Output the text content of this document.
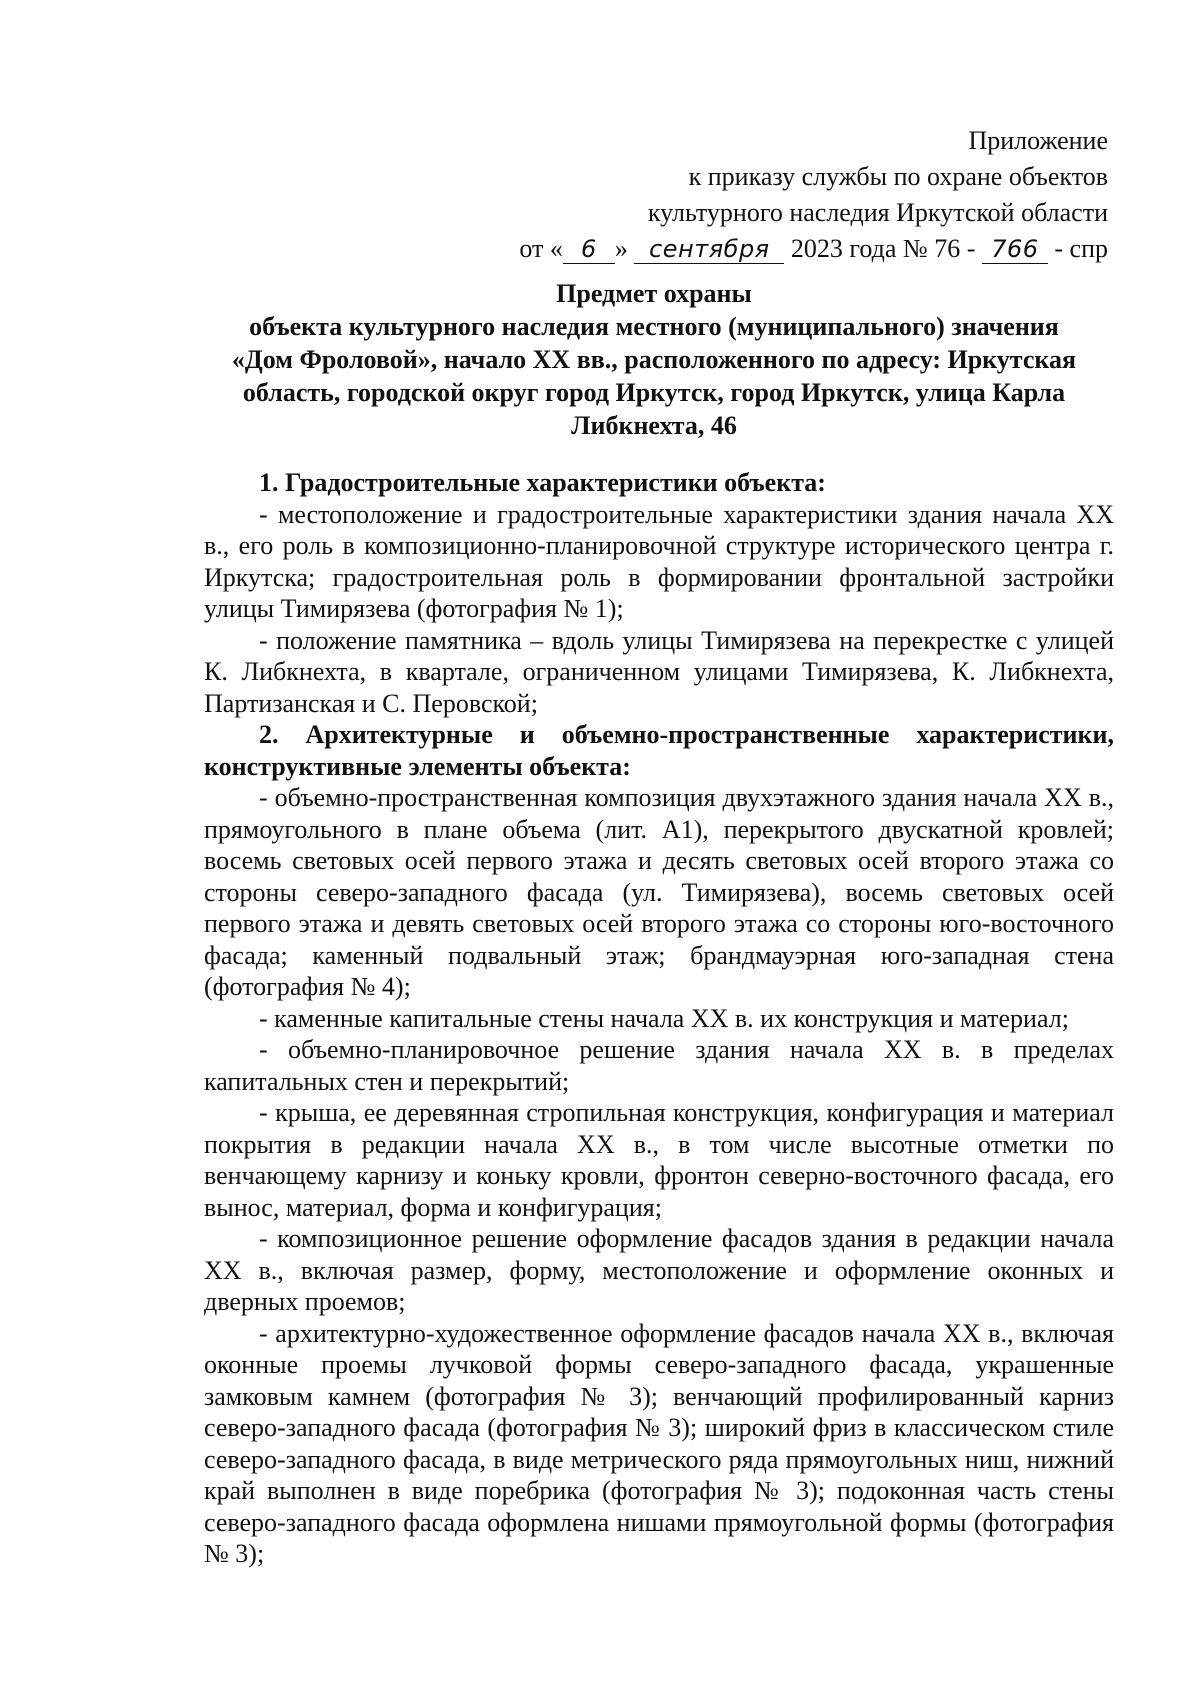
Приложение
к приказу службы по охране объектов
культурного наследия Иркутской области
от « 6 » сентября 2023 года № 76 - 766 - спр
Предмет охраны
объекта культурного наследия местного (муниципального) значения
«Дом Фроловой», начало XX вв., расположенного по адресу: Иркутская
область, городской округ город Иркутск, город Иркутск, улица Карла
Либкнехта, 46

1. Градостроительные характеристики объекта:

- местоположение и градостроительные характеристики здания начала XX в., его роль в композиционно-планировочной структуре исторического центра г. Иркутска; градостроительная роль в формировании фронтальной застройки улицы Тимирязева (фотография № 1);

- положение памятника – вдоль улицы Тимирязева на перекрестке с улицей К. Либкнехта, в квартале, ограниченном улицами Тимирязева, К. Либкнехта, Партизанская и С. Перовской;

2. Архитектурные и объемно-пространственные характеристики, конструктивные элементы объекта:

- объемно-пространственная композиция двухэтажного здания начала XX в., прямоугольного в плане объема (лит. А1), перекрытого двускатной кровлей; восемь световых осей первого этажа и десять световых осей второго этажа со стороны северо-западного фасада (ул. Тимирязева), восемь световых осей первого этажа и девять световых осей второго этажа со стороны юго-восточного фасада; каменный подвальный этаж; брандмауэрная юго-западная стена (фотография № 4);

- каменные капитальные стены начала XX в. их конструкция и материал;

- объемно-планировочное решение здания начала XX в. в пределах капитальных стен и перекрытий;

- крыша, ее деревянная стропильная конструкция, конфигурация и материал покрытия в редакции начала XX в., в том числе высотные отметки по венчающему карнизу и коньку кровли, фронтон северно-восточного фасада, его вынос, материал, форма и конфигурация;

- композиционное решение оформление фасадов здания в редакции начала XX в., включая размер, форму, местоположение и оформление оконных и дверных проемов;

- архитектурно-художественное оформление фасадов начала XX в., включая оконные проемы лучковой формы северо-западного фасада, украшенные замковым камнем (фотография № 3); венчающий профилированный карниз северо-западного фасада (фотография № 3); широкий фриз в классическом стиле северо-западного фасада, в виде метрического ряда прямоугольных ниш, нижний край выполнен в виде поребрика (фотография № 3); подоконная часть стены северо-западного фасада оформлена нишами прямоугольной формы (фотография № 3);
